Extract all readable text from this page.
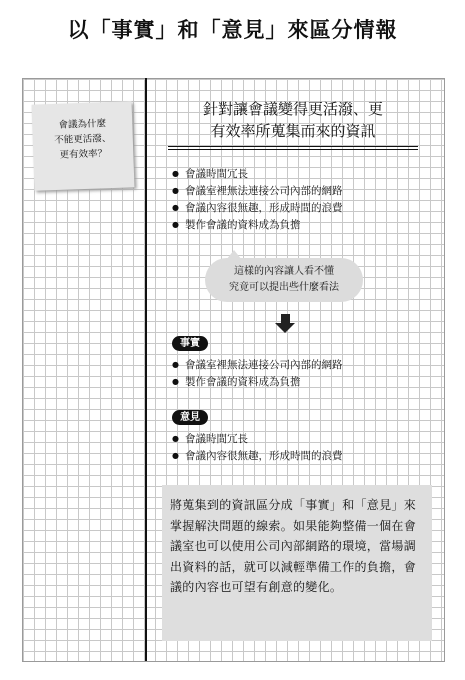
以「事實」和「意見」來區分情報
會議為什麼
不能更活潑、
更有效率？
針對讓會議變得更活潑、更
有效率所蒐集而來的資訊
● 會議時間冗長
● 會議室裡無法連接公司內部的網路
● 會議內容很無趣，形成時間的浪費
● 製作會議的資料成為負擔
這樣的內容讓人看不懂
究竟可以提出些什麼看法
事實
● 會議室裡無法連接公司內部的網路
● 製作會議的資料成為負擔
意見
● 會議時間冗長
● 會議內容很無趣，形成時間的浪費
將蒐集到的資訊區分成「事實」和「意見」來掌握解決問題的線索。如果能夠整備一個在會議室也可以使用公司內部網路的環境，當場調出資料的話，就可以減輕準備工作的負擔，會議的內容也可望有創意的變化。
